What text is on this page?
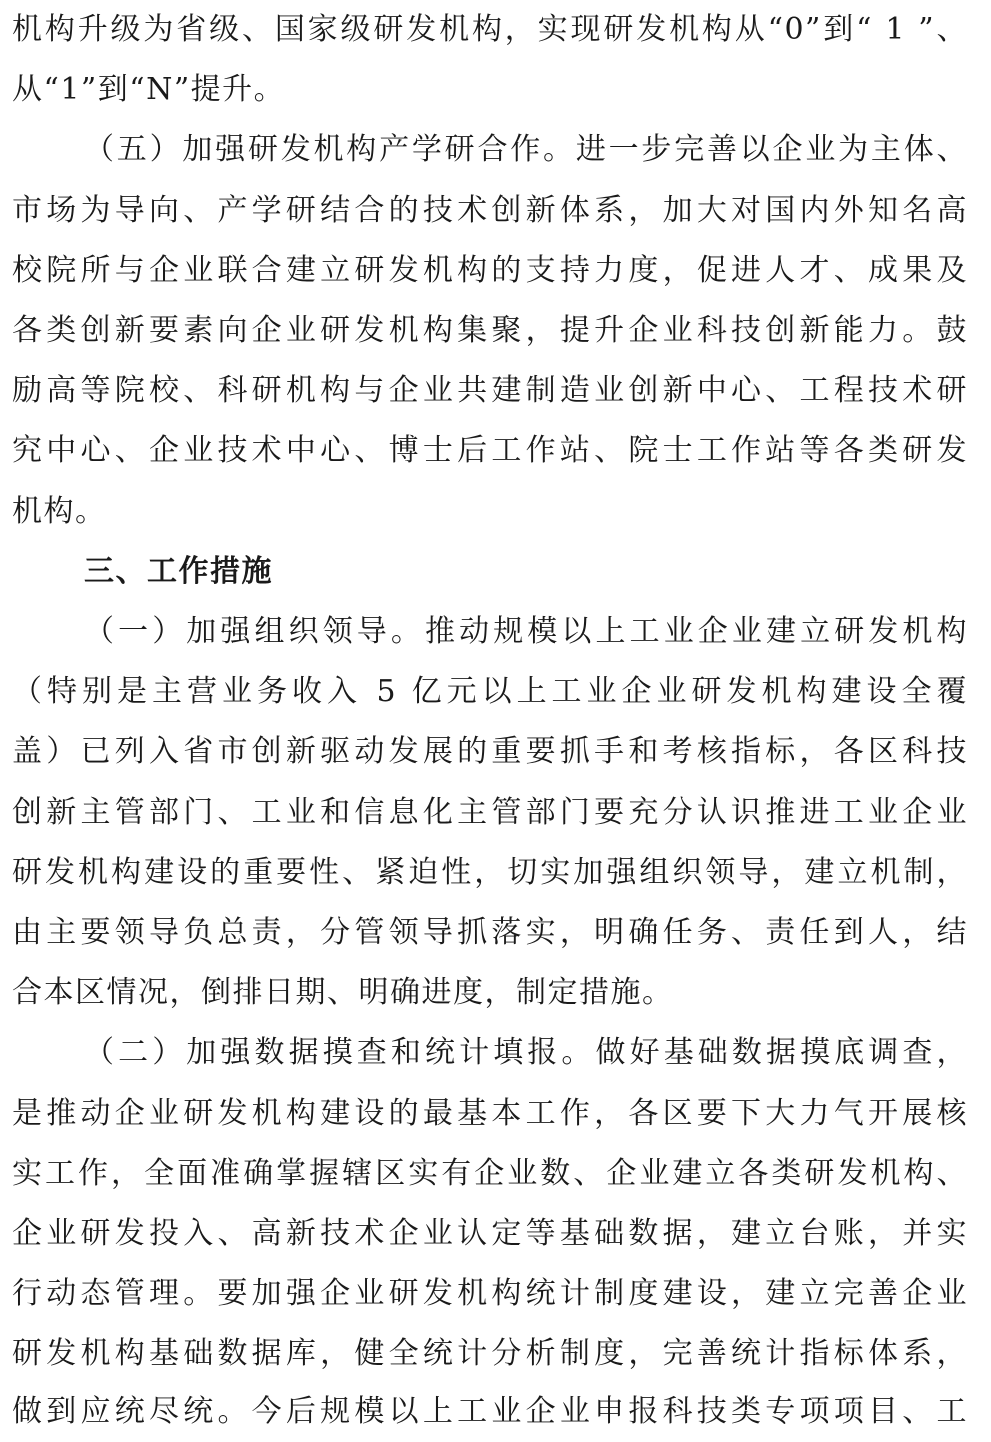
机构升级为省级、国家级研发机构，实现研发机构从“0”到“ 1 ”、
从“1”到“N”提升。
（五）加强研发机构产学研合作。进一步完善以企业为主体、
市场为导向、产学研结合的技术创新体系，加大对国内外知名高
校院所与企业联合建立研发机构的支持力度，促进人才、成果及
各类创新要素向企业研发机构集聚，提升企业科技创新能力。鼓
励高等院校、科研机构与企业共建制造业创新中心、工程技术研
究中心、企业技术中心、博士后工作站、院士工作站等各类研发
机构。
三、工作措施
（一）加强组织领导。推动规模以上工业企业建立研发机构
（特别是主营业务收入 5 亿元以上工业企业研发机构建设全覆
盖）已列入省市创新驱动发展的重要抓手和考核指标，各区科技
创新主管部门、工业和信息化主管部门要充分认识推进工业企业
研发机构建设的重要性、紧迫性，切实加强组织领导，建立机制，
由主要领导负总责，分管领导抓落实，明确任务、责任到人，结
合本区情况，倒排日期、明确进度，制定措施。
（二）加强数据摸查和统计填报。做好基础数据摸底调查，
是推动企业研发机构建设的最基本工作，各区要下大力气开展核
实工作，全面准确掌握辖区实有企业数、企业建立各类研发机构、
企业研发投入、高新技术企业认定等基础数据，建立台账，并实
行动态管理。要加强企业研发机构统计制度建设，建立完善企业
研发机构基础数据库，健全统计分析制度，完善统计指标体系，
做到应统尽统。今后规模以上工业企业申报科技类专项项目、工
